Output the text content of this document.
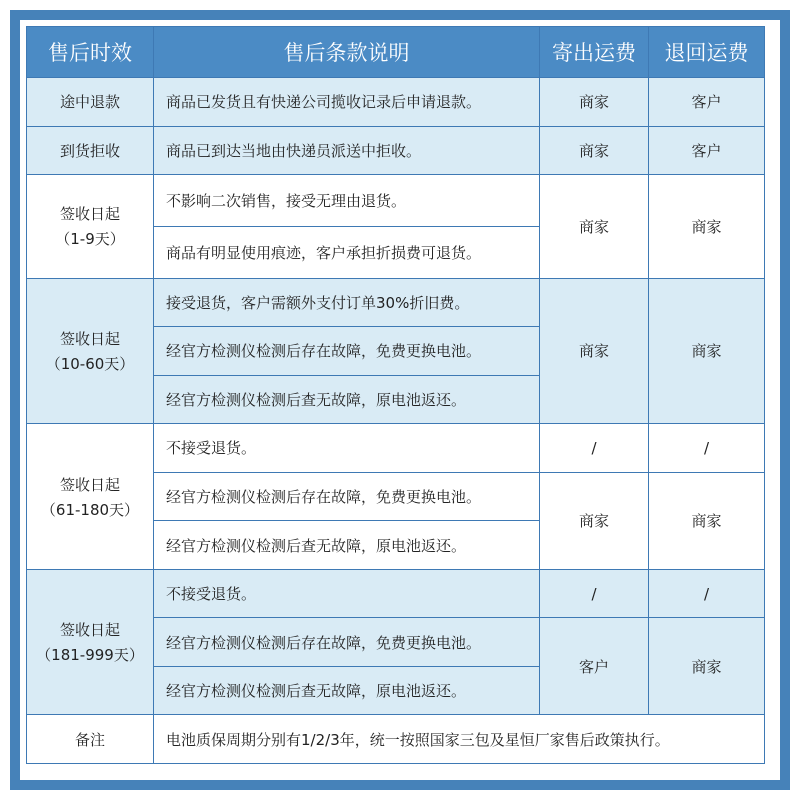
售后时效	售后条款说明	寄出运费	退回运费
途中退款	商品已发货且有快递公司揽收记录后申请退款。	商家	客户
到货拒收	商品已到达当地由快递员派送中拒收。	商家	客户
签收日起
（1-9天）	不影响二次销售，接受无理由退货。	商家	商家
	商品有明显使用痕迹，客户承担折损费可退货。		
签收日起
（10-60天）	接受退货，客户需额外支付订单30%折旧费。	商家	商家
	经官方检测仪检测后存在故障，免费更换电池。		
	经官方检测仪检测后查无故障，原电池返还。		
签收日起
（61-180天）	不接受退货。	/	/
	经官方检测仪检测后存在故障，免费更换电池。	商家	商家
	经官方检测仪检测后查无故障，原电池返还。		
签收日起
（181-999天）	不接受退货。	/	/
	经官方检测仪检测后存在故障，免费更换电池。	客户	商家
	经官方检测仪检测后查无故障，原电池返还。		
备注	电池质保周期分别有1/2/3年，统一按照国家三包及星恒厂家售后政策执行。		
